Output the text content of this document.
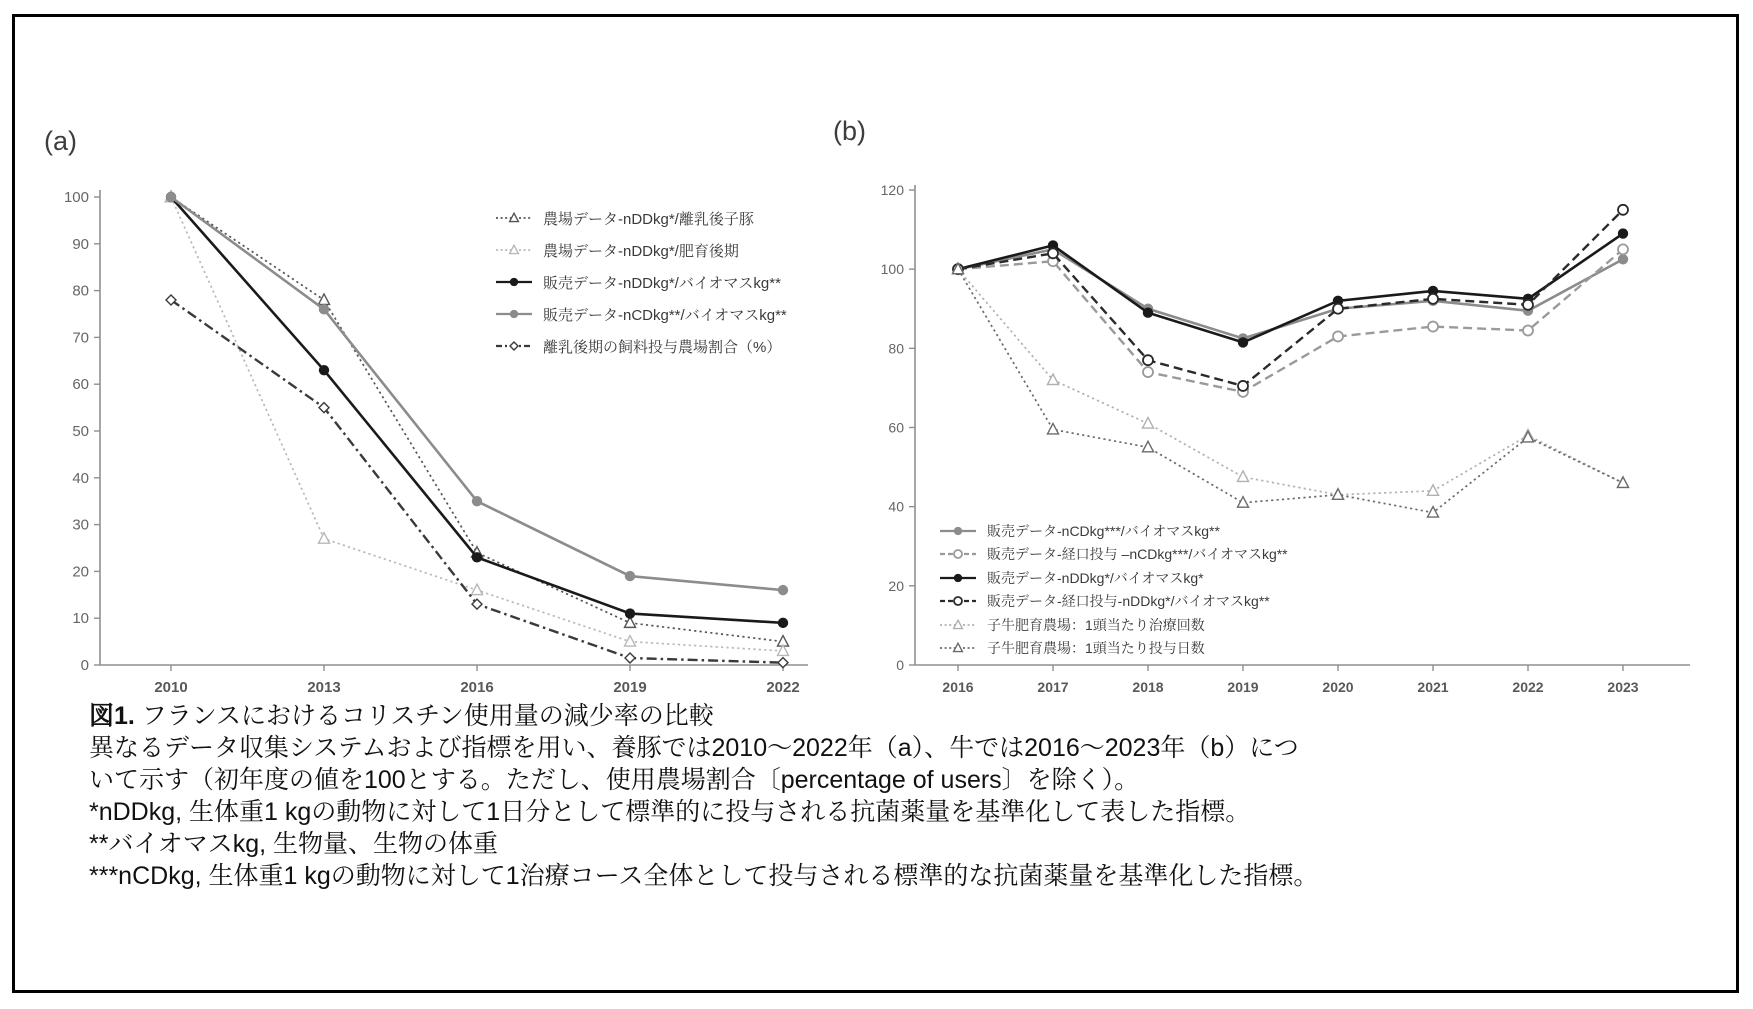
0
10
20
30
40
50
60
70
80
90
100
2010	2013	2016	2019	2022
0
20
40
60
80
100
120
2016	2017	2018	2019	2020	2021	2022	2023
(a)	(b)
農場データ-nDDkg*/離乳後子豚
農場データ-nDDkg*/肥育後期
販売データ-nDDkg*/バイオマスkg**
販売データ-nCDkg**/バイオマスkg**
離乳後期の飼料投与農場割合（%）
販売データ-nCDkg***/バイオマスkg**
販売データ-経口投与 –nCDkg***/バイオマスkg**
販売データ-nDDkg*/バイオマスkg*
販売データ-経口投与-nDDkg*/バイオマスkg**
子牛肥育農場：1頭当たり治療回数
子牛肥育農場：1頭当たり投与日数
図1. フランスにおけるコリスチン使用量の減少率の比較
異なるデータ収集システムおよび指標を用い、養豚では2010～2022年（a）、牛では2016～2023年（b）につ
いて示す（初年度の値を100とする。ただし、使用農場割合〔percentage of users〕を除く）。
*nDDkg, 生体重1 kgの動物に対して1日分として標準的に投与される抗菌薬量を基準化して表した指標。
**バイオマスkg, 生物量、生物の体重
***nCDkg, 生体重1 kgの動物に対して1治療コース全体として投与される標準的な抗菌薬量を基準化した指標。
